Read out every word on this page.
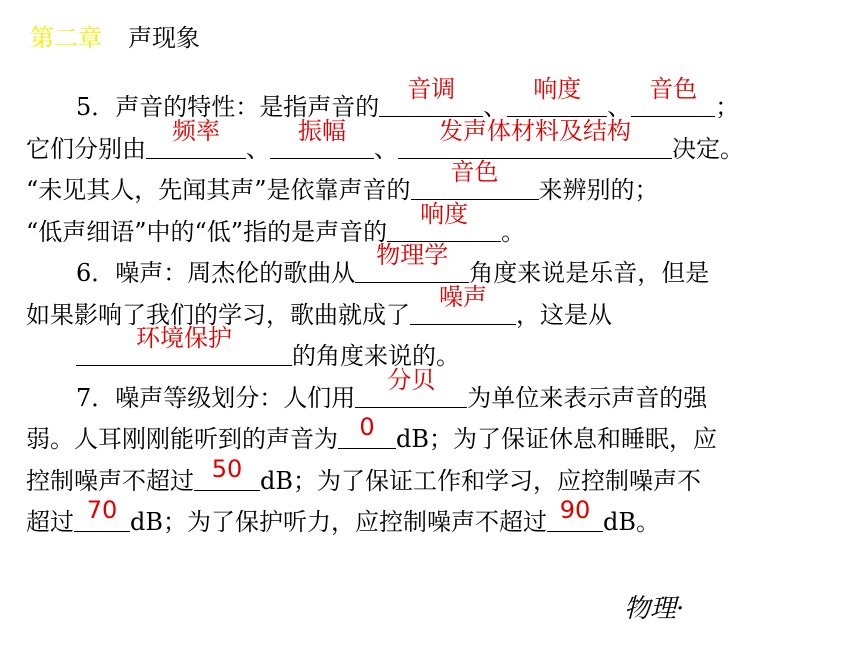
第二章 声现象
5．声音的特性：是指声音的
音调
、
响度
、
音色
；
它们分别由
频率
、
振幅
、
发声体材料及结构
决定。
“未见其人，先闻其声”是依靠声音的
音色
来辨别的；
“低声细语”中的“低”指的是声音的
响度
。
6．噪声：周杰伦的歌曲从
物理学
角度来说是乐音，但是
如果影响了我们的学习，歌曲就成了
噪声
，这是从
环境保护
的角度来说的。
7．噪声等级划分：人们用
分贝
为单位来表示声音的强
弱。人耳刚刚能听到的声音为 0 dB；为了保证休息和睡眠，应
控制噪声不超过 50 dB；为了保证工作和学习，应控制噪声不
超过 70 dB；为了保护听力，应控制噪声不超过 90 dB。
物理·
